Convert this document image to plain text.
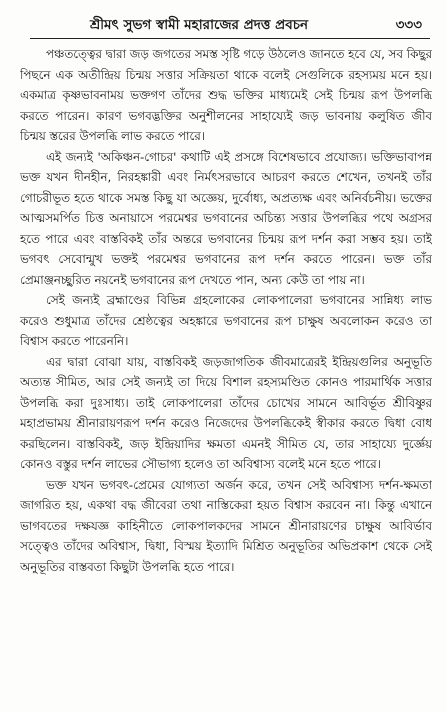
শ্রীমৎ সুভগ স্বামী মহারাজের প্রদত্ত প্রবচন	৩৩৩

পঞ্চতত্ত্বের দ্বারা জড় জগতের সমস্ত সৃষ্টি গড়ে উঠলেও জানতে হবে যে, সব কিছুর পিছনে এক অতীন্দ্রিয় চিন্ময় সত্তার সক্রিয়তা থাকে বলেই সেগুলিকে রহস্যময় মনে হয়। একমাত্র কৃষ্ণভাবনাময় ভক্তগণ তাঁদের শুদ্ধ ভক্তির মাধ্যমেই সেই চিন্ময় রূপ উপলব্ধি করতে পারেন। কারণ ভগবদ্ভক্তির অনুশীলনের সাহায্যেই জড় ভাবনায় কলুষিত জীব চিন্ময় স্তরের উপলব্ধি লাভ করতে পারে।

এই জন্যই 'অকিঞ্চন-গোচর' কথাটি এই প্রসঙ্গে বিশেষভাবে প্রযোজ্য। ভক্তিভাবাপন্ন ভক্ত যখন দীনহীন, নিরহঙ্কারী এবং নির্মৎসরভাবে আচরণ করতে শেখেন, তখনই তাঁর গোচরীভূত হতে থাকে সমস্ত কিছু যা অজ্ঞেয়, দুর্বোধ্য, অপ্রত্যক্ষ এবং অনির্বচনীয়। ভক্তের আত্মসমর্পিত চিত্ত অনায়াসে পরমেশ্বর ভগবানের অচিন্ত্য সত্তার উপলব্ধির পথে অগ্রসর হতে পারে এবং বাস্তবিকই তাঁর অন্তরে ভগবানের চিন্ময় রূপ দর্শন করা সম্ভব হয়। তাই ভগবৎ সেবোন্মুখ ভক্তই পরমেশ্বর ভগবানের রূপ দর্শন করতে পারেন। ভক্ত তাঁর প্রেমাঞ্জনচ্ছুরিত নয়নেই ভগবানের রূপ দেখতে পান, অন্য কেউ তা পায় না।

সেই জন্যই ব্রহ্মাণ্ডের বিভিন্ন গ্রহলোকের লোকপালেরা ভগবানের সান্নিধ্য লাভ করেও শুধুমাত্র তাঁদের শ্রেষ্ঠত্বের অহঙ্কারে ভগবানের রূপ চাক্ষুষ অবলোকন করেও তা বিশ্বাস করতে পারেননি।

এর দ্বারা বোঝা যায়, বাস্তবিকই জড়জাগতিক জীবমাত্রেরই ইন্দ্রিয়গুলির অনুভূতি অত্যন্ত সীমিত, আর সেই জন্যই তা দিয়ে বিশাল রহস্যমণ্ডিত কোনও পারমার্থিক সত্তার উপলব্ধি করা দুঃসাধ্য। তাই লোকপালেরা তাঁদের চোখের সামনে আবির্ভূত শ্রীবিষ্ণুর মহাপ্রভাময় শ্রীনারায়ণরূপ দর্শন করেও নিজেদের উপলব্ধিকেই স্বীকার করতে দ্বিধা বোধ করছিলেন। বাস্তবিকই, জড় ইন্দ্রিয়াদির ক্ষমতা এমনই সীমিত যে, তার সাহায্যে দুর্জ্ঞেয় কোনও বস্তুর দর্শন লাভের সৌভাগ্য হলেও তা অবিশ্বাস্য বলেই মনে হতে পারে।

ভক্ত যখন ভগবৎ-প্রেমের যোগ্যতা অর্জন করে, তখন সেই অবিশ্বাস্য দর্শন-ক্ষমতা জাগরিত হয়, একথা বদ্ধ জীবেরা তথা নাস্তিকেরা হয়ত বিশ্বাস করবেন না। কিন্তু এখানে ভাগবতের দক্ষযজ্ঞ কাহিনীতে লোকপালকদের সামনে শ্রীনারায়ণের চাক্ষুষ আবির্ভাব সত্ত্বেও তাঁদের অবিশ্বাস, দ্বিধা, বিস্ময় ইত্যাদি মিশ্রিত অনুভূতির অভিপ্রকাশ থেকে সেই অনুভূতির বাস্তবতা কিছুটা উপলব্ধি হতে পারে।
